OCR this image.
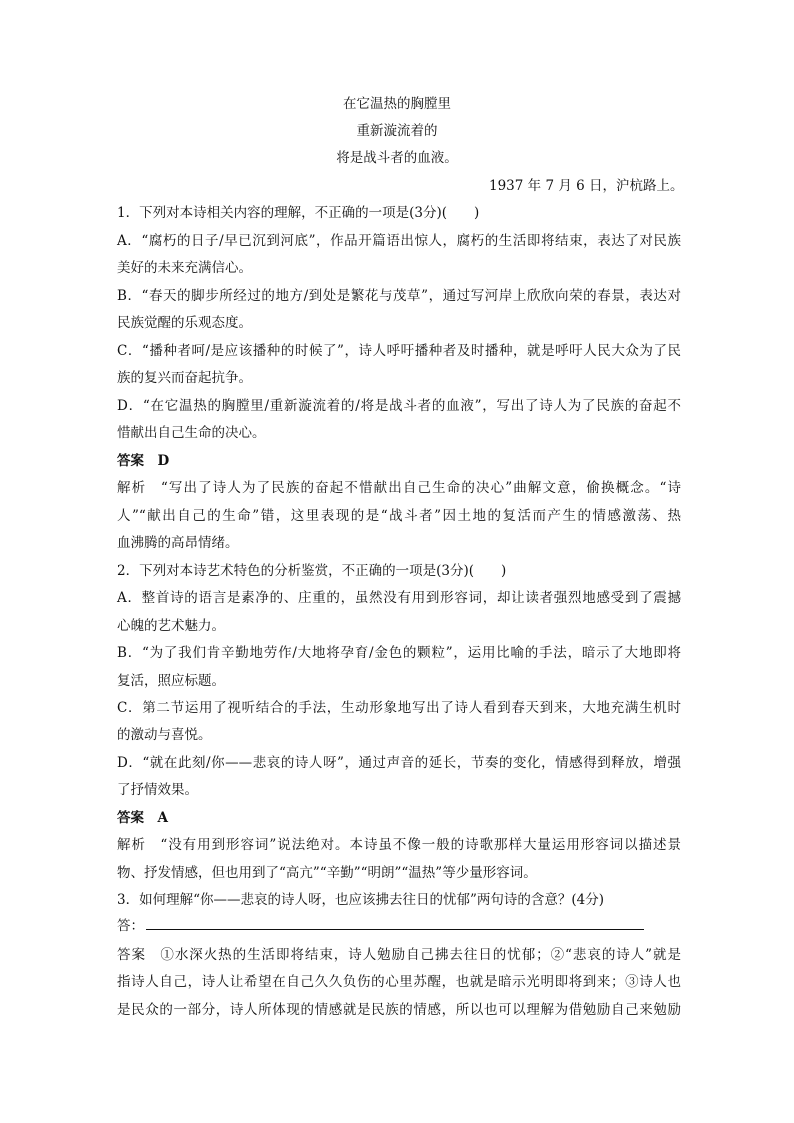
在它温热的胸膛里
重新漩流着的
将是战斗者的血液。
1937 年 7 月 6 日，沪杭路上。
1．下列对本诗相关内容的理解，不正确的一项是(3分)(　　)
A．“腐朽的日子/早已沉到河底”，作品开篇语出惊人，腐朽的生活即将结束，表达了对民族
美好的未来充满信心。
B．“春天的脚步所经过的地方/到处是繁花与茂草”，通过写河岸上欣欣向荣的春景，表达对
民族觉醒的乐观态度。
C．“播种者呵/是应该播种的时候了”，诗人呼吁播种者及时播种，就是呼吁人民大众为了民
族的复兴而奋起抗争。
D．“在它温热的胸膛里/重新漩流着的/将是战斗者的血液”，写出了诗人为了民族的奋起不
惜献出自己生命的决心。
答案　D
解析　“写出了诗人为了民族的奋起不惜献出自己生命的决心”曲解文意，偷换概念。“诗
人”“献出自己的生命”错，这里表现的是“战斗者”因土地的复活而产生的情感激荡、热
血沸腾的高昂情绪。
2．下列对本诗艺术特色的分析鉴赏，不正确的一项是(3分)(　　)
A．整首诗的语言是素净的、庄重的，虽然没有用到形容词，却让读者强烈地感受到了震撼
心魄的艺术魅力。
B．“为了我们肯辛勤地劳作/大地将孕育/金色的颗粒”，运用比喻的手法，暗示了大地即将
复活，照应标题。
C．第二节运用了视听结合的手法，生动形象地写出了诗人看到春天到来，大地充满生机时
的激动与喜悦。
D．“就在此刻/你——悲哀的诗人呀”，通过声音的延长，节奏的变化，情感得到释放，增强
了抒情效果。
答案　A
解析　“没有用到形容词”说法绝对。本诗虽不像一般的诗歌那样大量运用形容词以描述景
物、抒发情感，但也用到了“高亢”“辛勤”“明朗”“温热”等少量形容词。
3．如何理解“你——悲哀的诗人呀，也应该拂去往日的忧郁”两句诗的含意？(4分)
答：
答案　①水深火热的生活即将结束，诗人勉励自己拂去往日的忧郁；②“悲哀的诗人”就是
指诗人自己，诗人让希望在自己久久负伤的心里苏醒，也就是暗示光明即将到来；③诗人也
是民众的一部分，诗人所体现的情感就是民族的情感，所以也可以理解为借勉励自己来勉励
